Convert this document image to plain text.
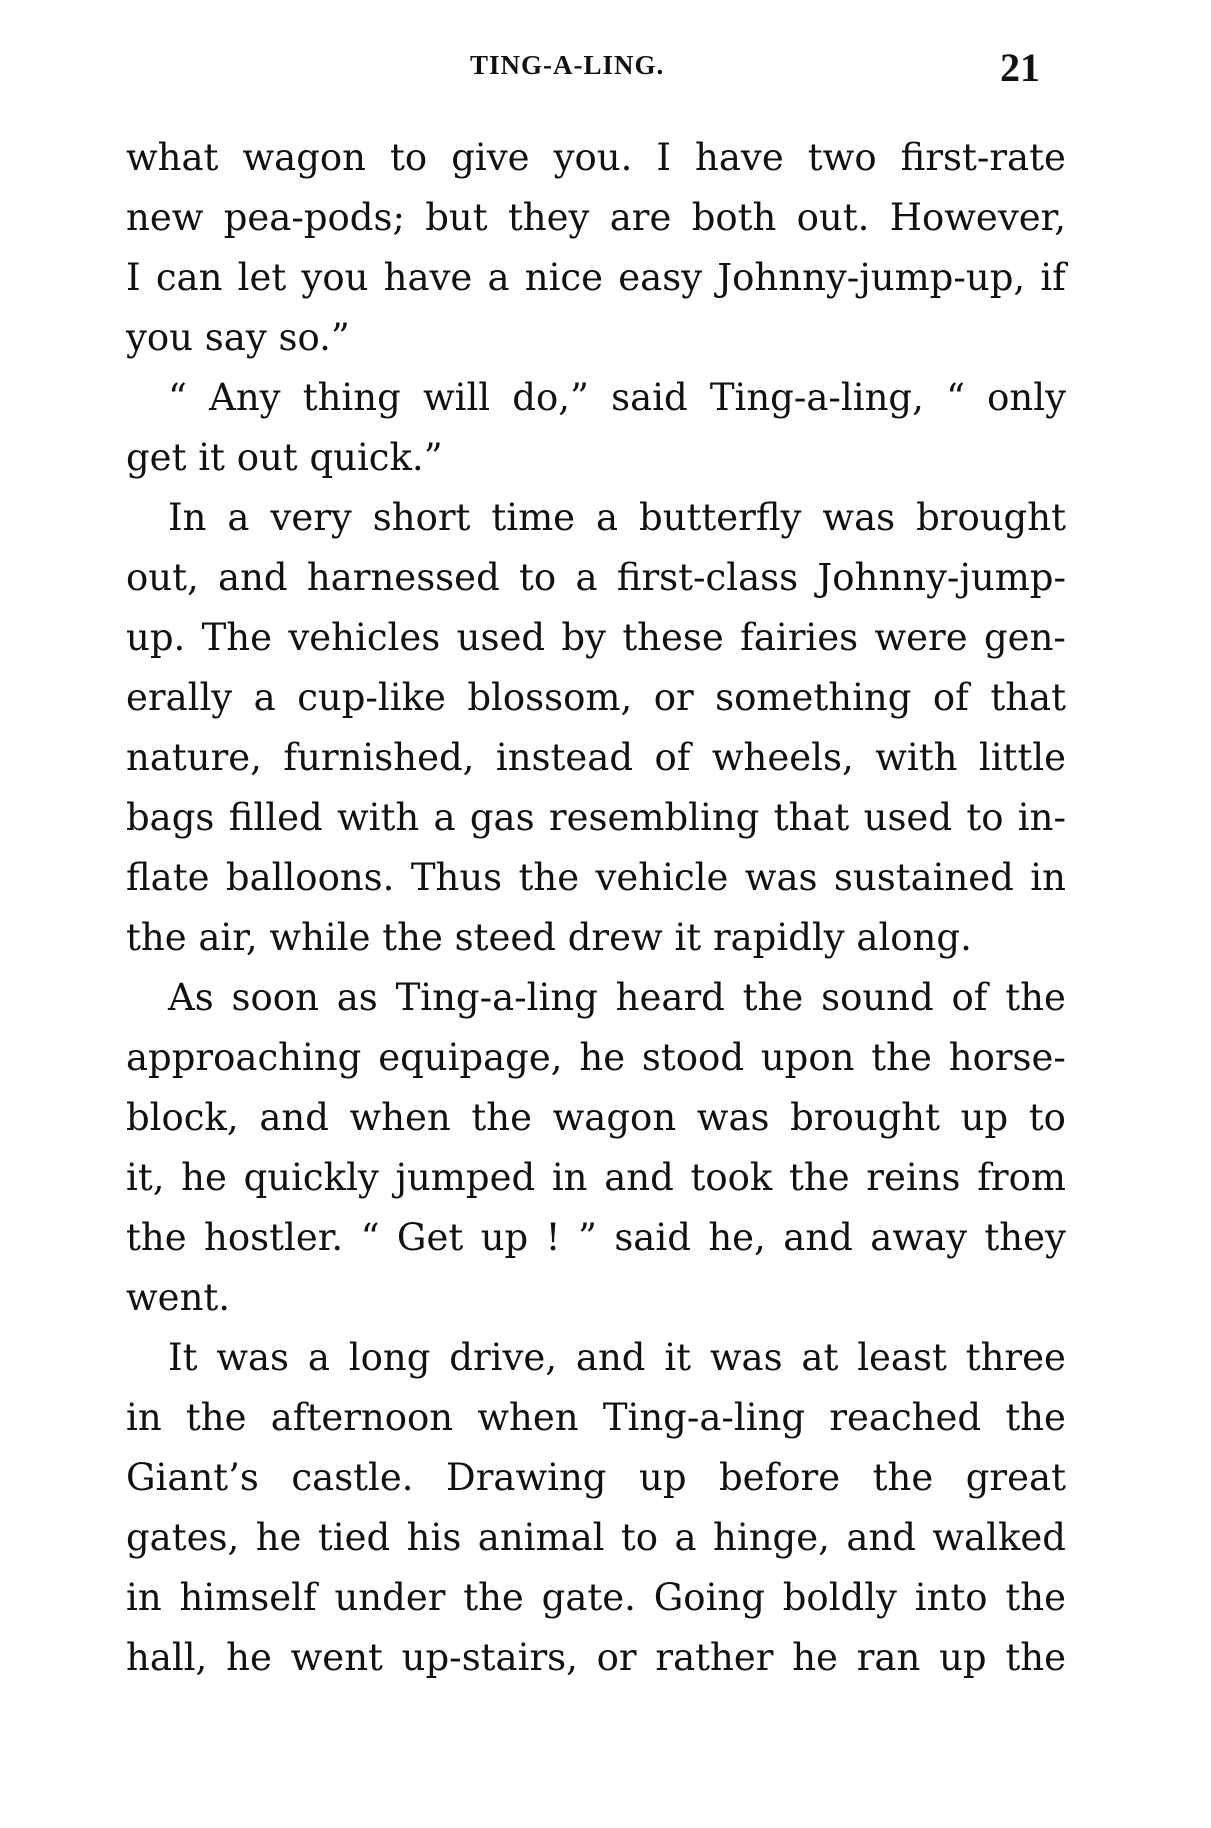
TING-A-LING.	21
what wagon to give you. I have two first-rate
new pea-pods; but they are both out. However,
I can let you have a nice easy Johnny-jump-up, if
you
say
so.”
“ Any thing will do,” said Ting-a-ling, “ only
get
it
out
quick.”
In a very short time a butterfly was brought
out, and harnessed to a first-class Johnny-jump-
up. The vehicles used by these fairies were gen-
erally a cup-like blossom, or something of that
nature, furnished, instead of wheels, with little
bags filled with a gas resembling that used to in-
flate balloons. Thus the vehicle was sustained in
the
air,
while
the
steed
drew
it
rapidly
along.
As soon as Ting-a-ling heard the sound of the
approaching equipage, he stood upon the horse-
block, and when the wagon was brought up to
it, he quickly jumped in and took the reins from
the hostler. “ Get up ! ” said he, and away they
went.
It was a long drive, and it was at least three
in the afternoon when Ting-a-ling reached the
Giant’s castle. Drawing up before the great
gates, he tied his animal to a hinge, and walked
in himself under the gate. Going boldly into the
hall, he went up-stairs, or rather he ran up the
